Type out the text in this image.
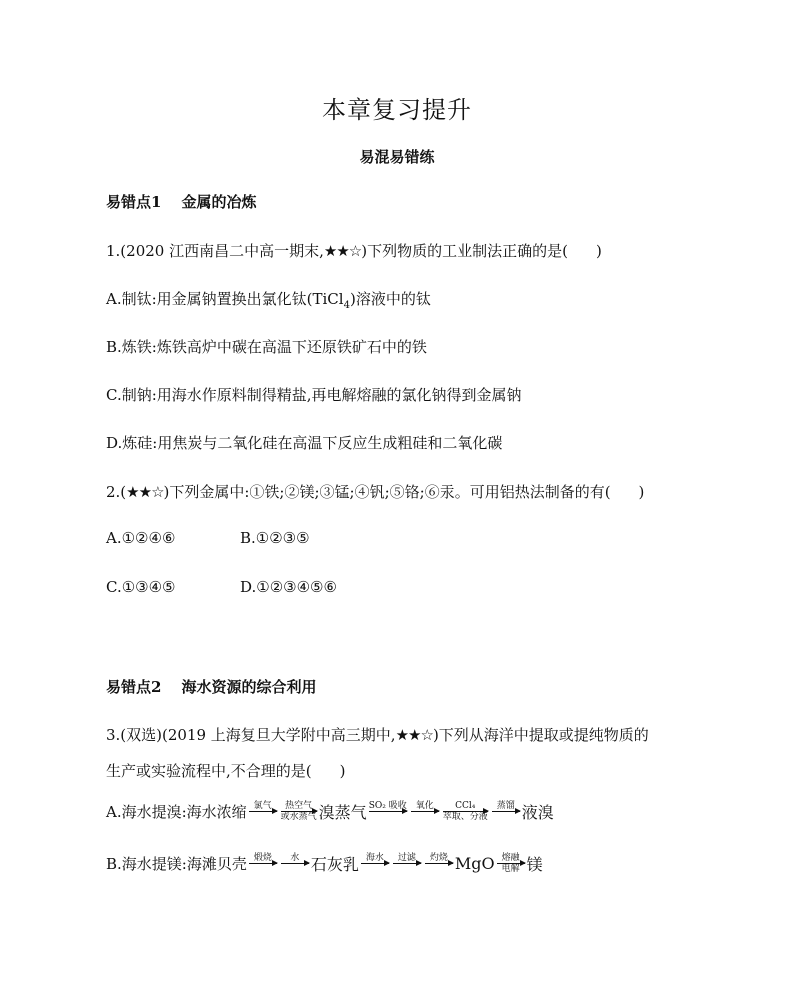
本章复习提升
易混易错练
易错点1 金属的冶炼
1.(2020 江西南昌二中高一期末,★★☆)下列物质的工业制法正确的是( )
A.制钛:用金属钠置换出氯化钛(TiCl$_4$)溶液中的钛
B.炼铁:炼铁高炉中碳在高温下还原铁矿石中的铁
C.制钠:用海水作原料制得精盐,再电解熔融的氯化钠得到金属钠
D.炼硅:用焦炭与二氧化硅在高温下反应生成粗硅和二氧化碳
2.(★★☆)下列金属中:①铁;②镁;③锰;④钒;⑤铬;⑥汞。可用铝热法制备的有( )
A.①②④⑥	B.①②③⑤
C.①③④⑤	D.①②③④⑤⑥
易错点2 海水资源的综合利用
3.(双选)(2019 上海复旦大学附中高三期中,★★☆)下列从海洋中提取或提纯物质的
生产或实验流程中,不合理的是( )
A.海水提溴:海水浓缩 氯气 热空气
或水蒸气 溴蒸气 SO₂ 吸收 氧化 CCl₄
萃取、分液
蒸馏 液溴
B.海水提镁:海滩贝壳 煅烧 水 石灰乳 海水 过滤 灼烧 MgO 熔融
电解 镁
